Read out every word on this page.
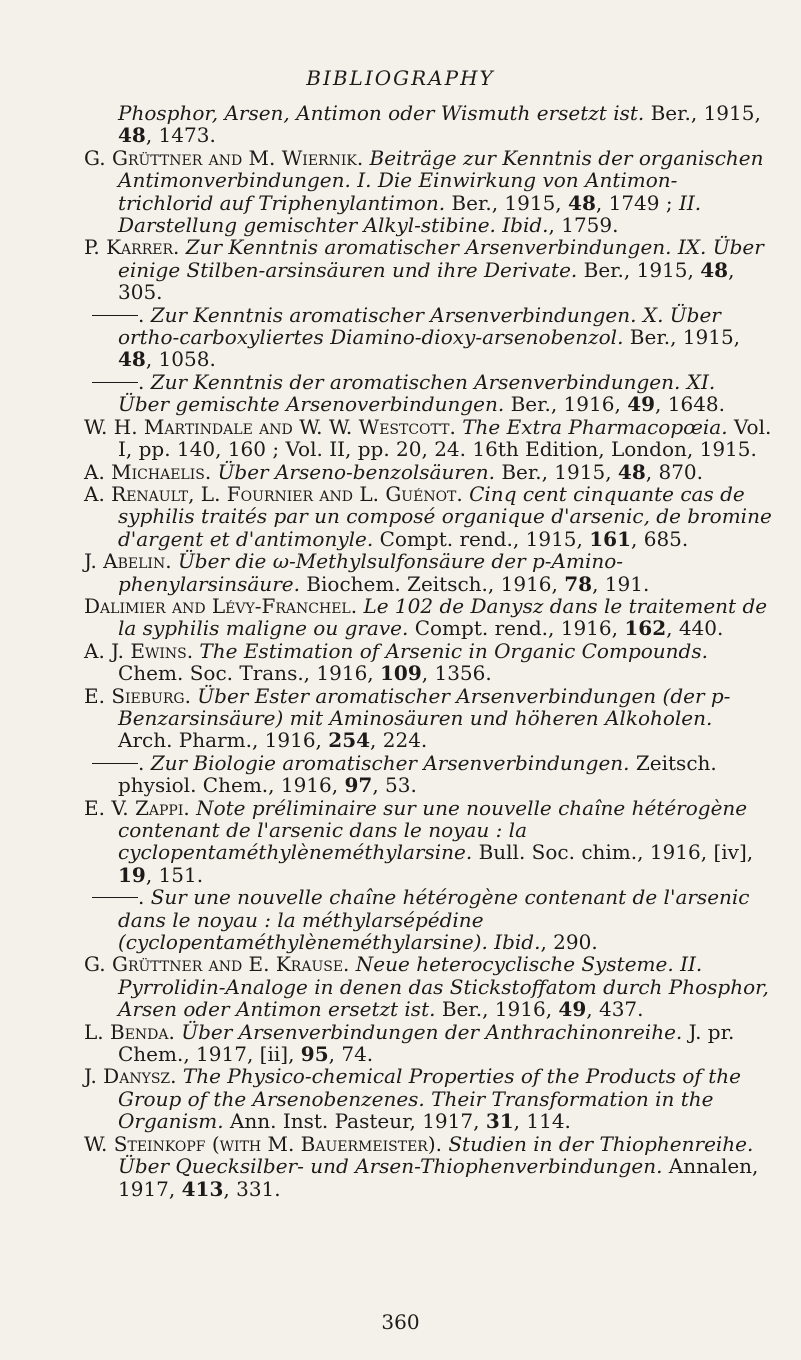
BIBLIOGRAPHY
Phosphor, Arsen, Antimon oder Wismuth ersetzt ist. Ber., 1915, 48, 1473.
G. Grüttner and M. Wiernik. Beiträge zur Kenntnis der organischen Antimonverbindungen. I. Die Einwirkung von Antimon-trichlorid auf Triphenylantimon. Ber., 1915, 48, 1749 ; II. Darstellung gemischter Alkyl-stibine. Ibid., 1759.
P. Karrer. Zur Kenntnis aromatischer Arsenverbindungen. IX. Über einige Stilben-arsinsäuren und ihre Derivate. Ber., 1915, 48, 305.
. Zur Kenntnis aromatischer Arsenverbindungen. X. Über ortho-carboxyliertes Diamino-dioxy-arsenobenzol. Ber., 1915, 48, 1058.
. Zur Kenntnis der aromatischen Arsenverbindungen. XI. Über gemischte Arsenoverbindungen. Ber., 1916, 49, 1648.
W. H. Martindale and W. W. Westcott. The Extra Pharmacopœia. Vol. I, pp. 140, 160 ; Vol. II, pp. 20, 24. 16th Edition, London, 1915.
A. Michaelis. Über Arseno-benzolsäuren. Ber., 1915, 48, 870.
A. Renault, L. Fournier and L. Guénot. Cinq cent cinquante cas de syphilis traités par un composé organique d'arsenic, de bromine d'argent et d'antimonyle. Compt. rend., 1915, 161, 685.
J. Abelin. Über die ω-Methylsulfonsäure der p-Amino-phenylarsinsäure. Biochem. Zeitsch., 1916, 78, 191.
Dalimier and Lévy-Franchel. Le 102 de Danysz dans le traitement de la syphilis maligne ou grave. Compt. rend., 1916, 162, 440.
A. J. Ewins. The Estimation of Arsenic in Organic Compounds. Chem. Soc. Trans., 1916, 109, 1356.
E. Sieburg. Über Ester aromatischer Arsenverbindungen (der p-Benzarsinsäure) mit Aminosäuren und höheren Alkoholen. Arch. Pharm., 1916, 254, 224.
. Zur Biologie aromatischer Arsenverbindungen. Zeitsch. physiol. Chem., 1916, 97, 53.
E. V. Zappi. Note préliminaire sur une nouvelle chaîne hétérogène contenant de l'arsenic dans le noyau : la cyclopentaméthylèneméthylarsine. Bull. Soc. chim., 1916, [iv], 19, 151.
. Sur une nouvelle chaîne hétérogène contenant de l'arsenic dans le noyau : la méthylarsépédine (cyclopentaméthylèneméthylarsine). Ibid., 290.
G. Grüttner and E. Krause. Neue heterocyclische Systeme. II. Pyrrolidin-Analoge in denen das Stickstoffatom durch Phosphor, Arsen oder Antimon ersetzt ist. Ber., 1916, 49, 437.
L. Benda. Über Arsenverbindungen der Anthrachinonreihe. J. pr. Chem., 1917, [ii], 95, 74.
J. Danysz. The Physico-chemical Properties of the Products of the Group of the Arsenobenzenes. Their Transformation in the Organism. Ann. Inst. Pasteur, 1917, 31, 114.
W. Steinkopf (with M. Bauermeister). Studien in der Thiophenreihe. Über Quecksilber- und Arsen-Thiophenverbindungen. Annalen, 1917, 413, 331.
360
